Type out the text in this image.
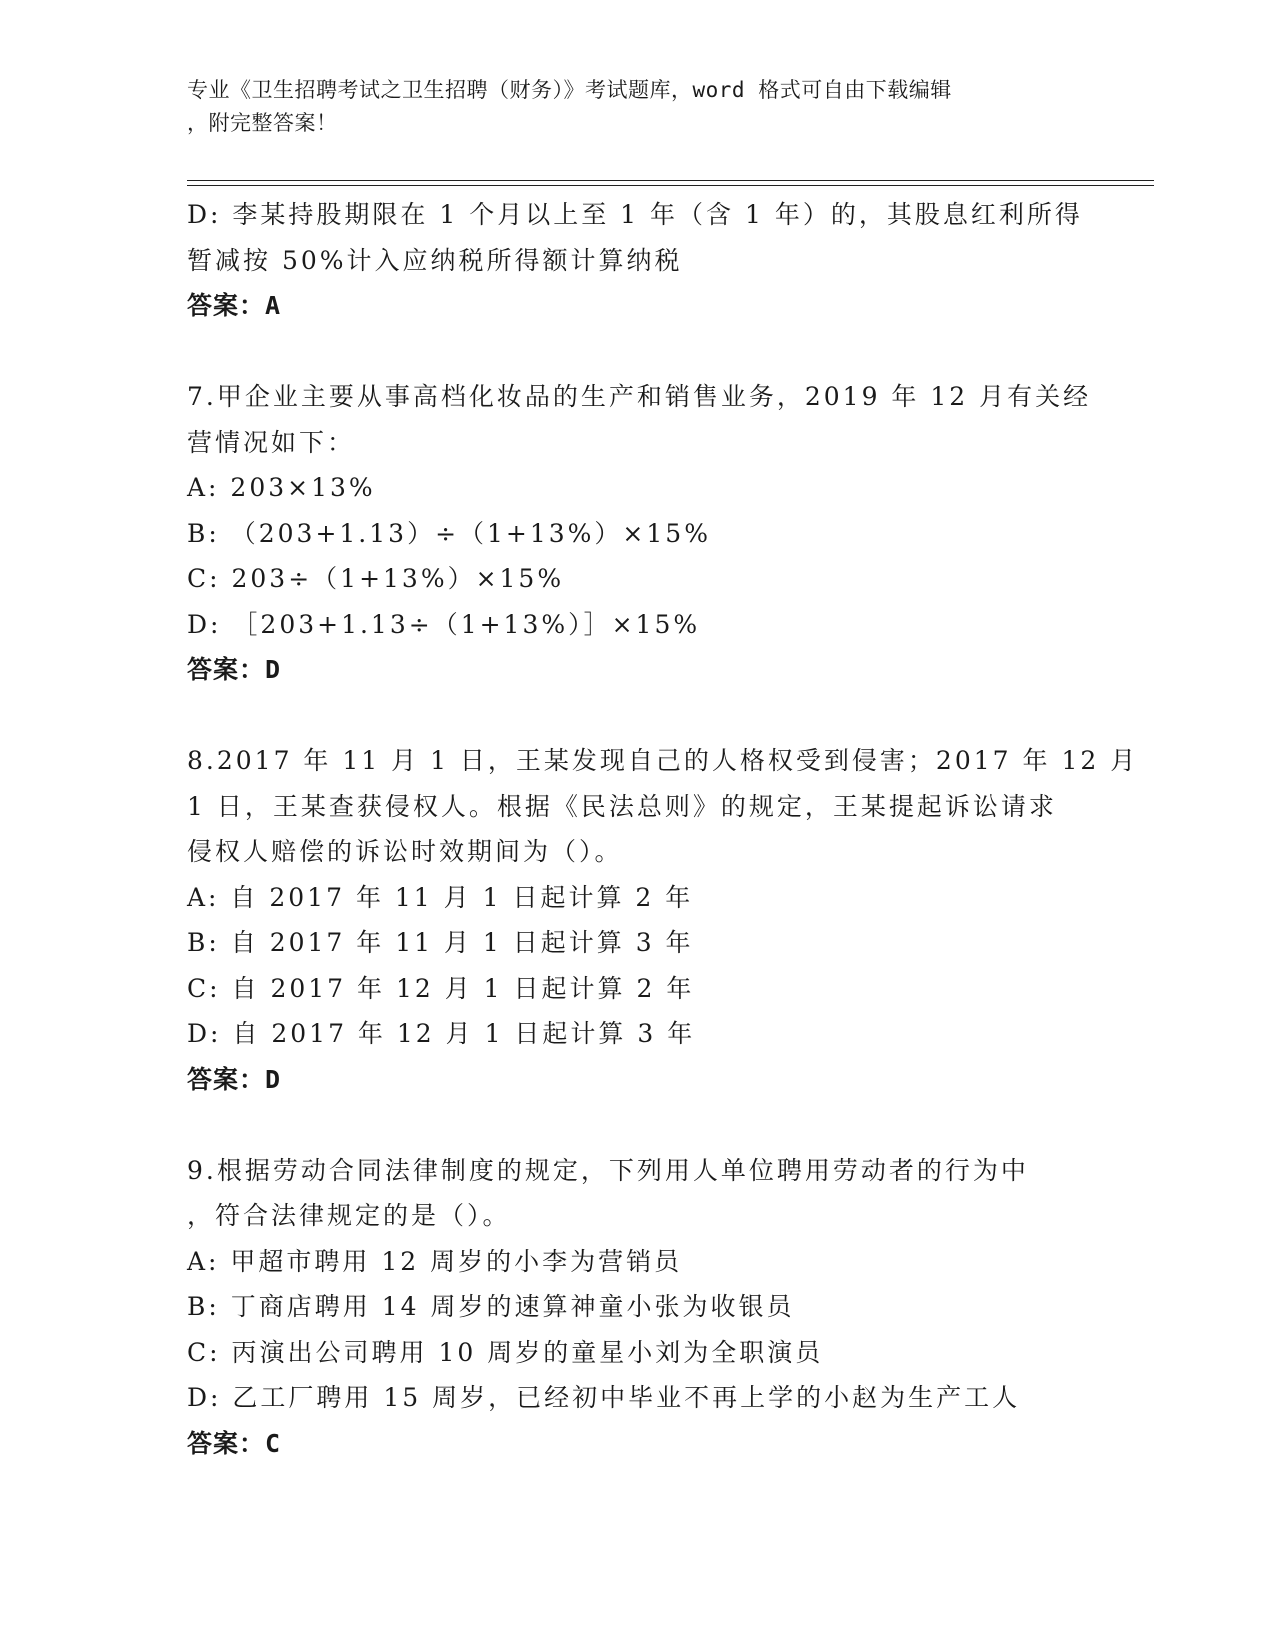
专业《卫生招聘考试之卫生招聘（财务）》考试题库，word 格式可自由下载编辑
，附完整答案！
D: 李某持股期限在 1 个月以上至 1 年（含 1 年）的，其股息红利所得
暂减按 50%计入应纳税所得额计算纳税
答案：A
7.甲企业主要从事高档化妆品的生产和销售业务，2019 年 12 月有关经
营情况如下：
A: 203×13%
B: （203+1.13）÷（1+13%）×15%
C: 203÷（1+13%）×15%
D: ［203+1.13÷（1+13%）］×15%
答案：D
8.2017 年 11 月 1 日，王某发现自己的人格权受到侵害；2017 年 12 月
1 日，王某查获侵权人。根据《民法总则》的规定，王某提起诉讼请求
侵权人赔偿的诉讼时效期间为（）。
A: 自 2017 年 11 月 1 日起计算 2 年
B: 自 2017 年 11 月 1 日起计算 3 年
C: 自 2017 年 12 月 1 日起计算 2 年
D: 自 2017 年 12 月 1 日起计算 3 年
答案：D
9.根据劳动合同法律制度的规定，下列用人单位聘用劳动者的行为中
，符合法律规定的是（）。
A: 甲超市聘用 12 周岁的小李为营销员
B: 丁商店聘用 14 周岁的速算神童小张为收银员
C: 丙演出公司聘用 10 周岁的童星小刘为全职演员
D: 乙工厂聘用 15 周岁，已经初中毕业不再上学的小赵为生产工人
答案：C
